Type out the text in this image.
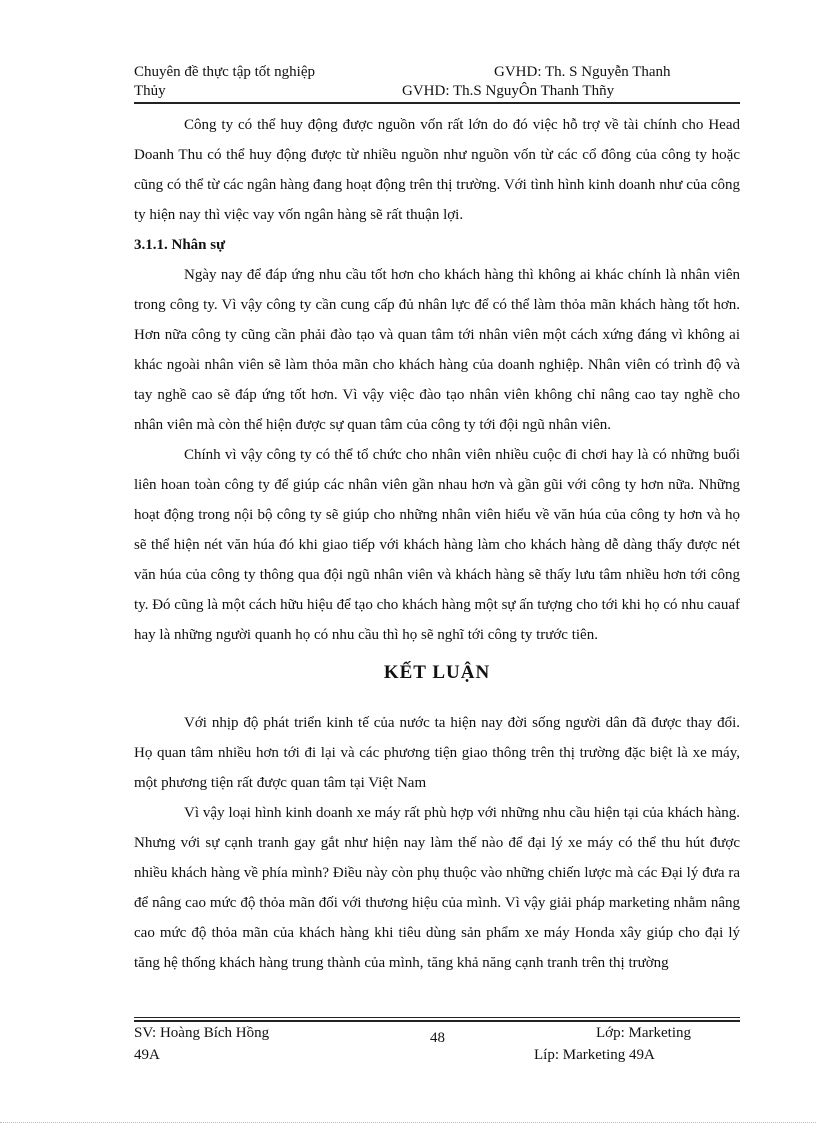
Chuyên đề thực tập tốt nghiệp
Thủy
GVHD: Th. S Nguyễn Thanh
GVHD: Th.S NguyÔn Thanh Thñy

Công ty có thể huy động được nguồn vốn rất lớn do đó việc hỗ trợ về tài chính cho Head Doanh Thu có thể huy động được từ nhiều nguồn như nguồn vốn từ các cổ đông của công ty hoặc cũng có thể từ các ngân hàng đang hoạt động trên thị trường. Với tình hình kinh doanh như của công ty hiện nay thì việc vay vốn ngân hàng sẽ rất thuận lợi.

3.1.1. Nhân sự

Ngày nay để đáp ứng nhu cầu tốt hơn cho khách hàng thì không ai khác chính là nhân viên trong công ty. Vì vậy công ty cần cung cấp đủ nhân lực để có thể làm thỏa mãn khách hàng tốt hơn. Hơn nữa công ty cũng cần phải đào tạo và quan tâm tới nhân viên một cách xứng đáng vì không ai khác ngoài nhân viên sẽ làm thỏa mãn cho khách hàng của doanh nghiệp. Nhân viên có trình độ và tay nghề cao sẽ đáp ứng tốt hơn. Vì vậy việc đào tạo nhân viên không chỉ nâng cao tay nghề cho nhân viên mà còn thể hiện được sự quan tâm của công ty tới đội ngũ nhân viên.

Chính vì vậy công ty có thể tổ chức cho nhân viên nhiều cuộc đi chơi hay là có những buổi liên hoan toàn công ty để giúp các nhân viên gần nhau hơn và gần gũi với công ty hơn nữa. Những hoạt động trong nội bộ công ty sẽ giúp cho những nhân viên hiểu về văn húa của công ty hơn và họ sẽ thể hiện nét văn húa đó khi giao tiếp với khách hàng làm cho khách hàng dễ dàng thấy được nét văn húa của công ty thông qua đội ngũ nhân viên và khách hàng sẽ thấy lưu tâm nhiều hơn tới công ty. Đó cũng là một cách hữu hiệu để tạo cho khách hàng một sự ấn tượng cho tới khi họ có nhu cauaf hay là những người quanh họ có nhu cầu thì họ sẽ nghĩ tới công ty trước tiên.

KẾT LUẬN

Với nhịp độ phát triển kinh tế của nước ta hiện nay đời sống người dân đã được thay đổi. Họ quan tâm nhiều hơn tới đi lại và các phương tiện giao thông trên thị trường đặc biệt là xe máy, một phương tiện rất được quan tâm tại Việt Nam

Vì vậy loại hình kinh doanh xe máy rất phù hợp với những nhu cầu hiện tại của khách hàng. Nhưng với sự cạnh tranh gay gắt như hiện nay làm thế nào để đại lý xe máy có thể thu hút được nhiều khách hàng về phía mình? Điều này còn phụ thuộc vào những chiến lược mà các Đại lý đưa ra để nâng cao mức độ thỏa mãn đối với thương hiệu của mình. Vì vậy giải pháp marketing nhằm nâng cao mức độ thỏa mãn của khách hàng khi tiêu dùng sản phẩm xe máy Honda xây giúp cho đại lý tăng hệ thống khách hàng trung thành của mình, tăng khả năng cạnh tranh trên thị trường

SV: Hoàng Bích Hồng
49A
48	Lớp: Marketing
Líp: Marketing 49A
